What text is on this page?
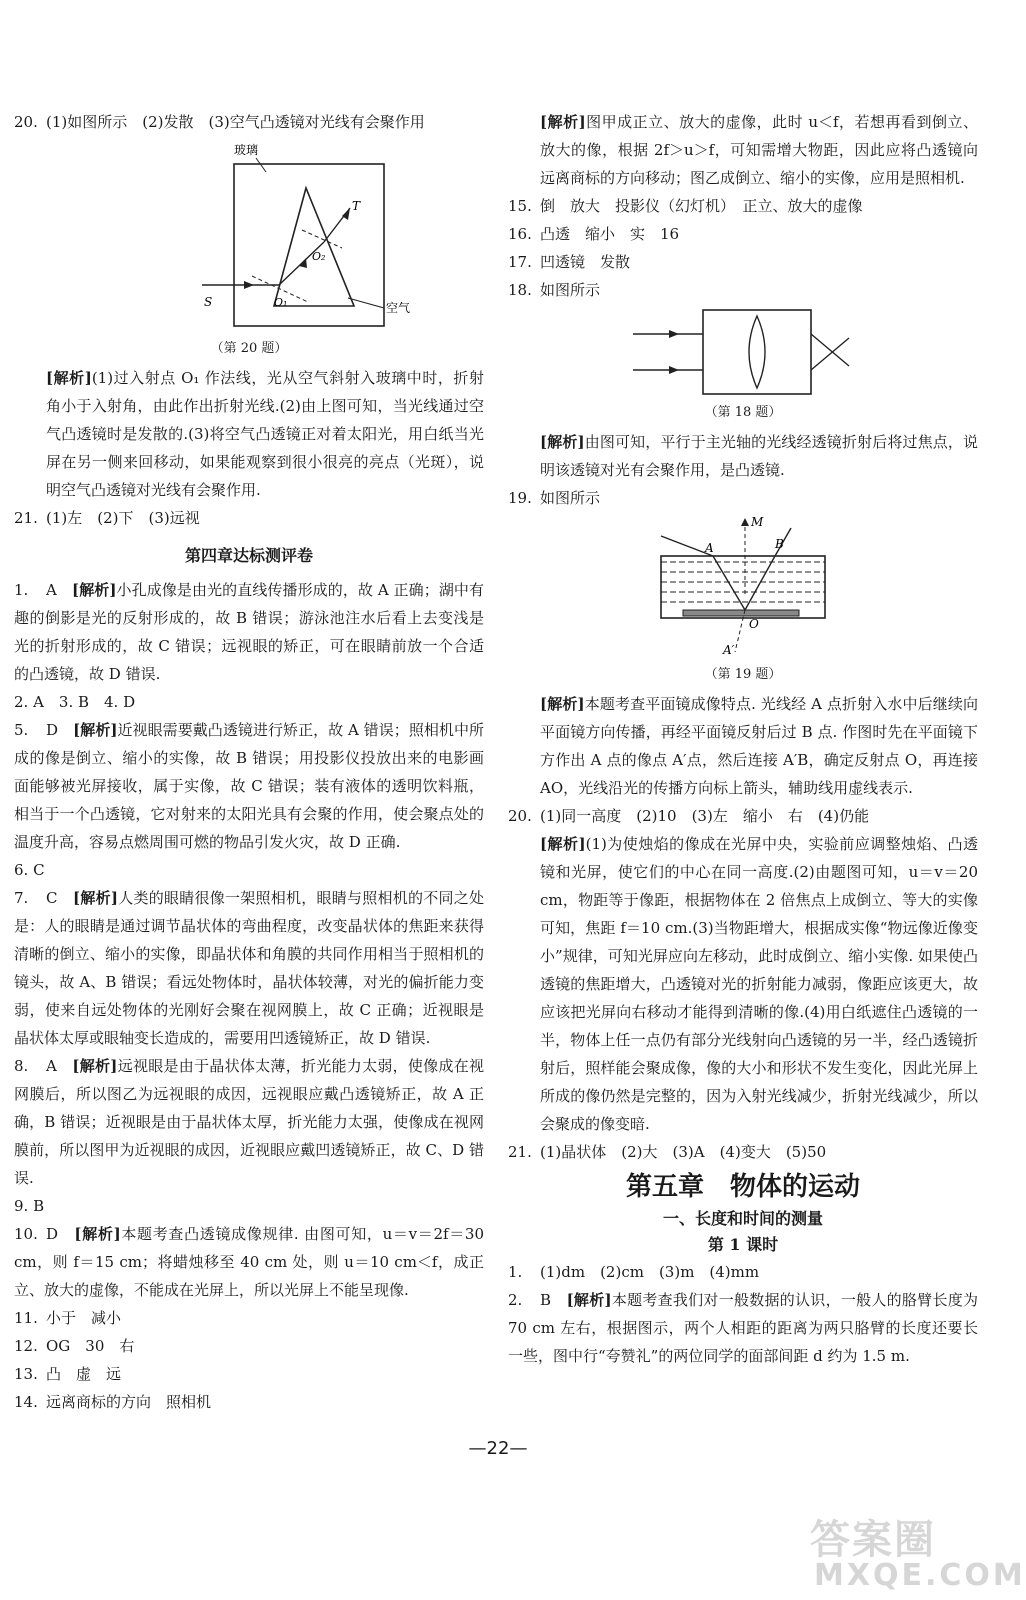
20. (1)如图所示　(2)发散　(3)空气凸透镜对光线有会聚作用

玻璃
T
O₂
S	O₁	空气
（第 20 题）

[解析](1)过入射点 O₁ 作法线，光从空气斜射入玻璃中时，折射角小于入射角，由此作出折射光线.(2)由上图可知，当光线通过空气凸透镜时是发散的.(3)将空气凸透镜正对着太阳光，用白纸当光屏在另一侧来回移动，如果能观察到很小很亮的亮点（光斑），说明空气凸透镜对光线有会聚作用.

21. (1)左　(2)下　(3)远视

第四章达标测评卷

1. A　[解析]小孔成像是由光的直线传播形成的，故 A 正确；湖中有趣的倒影是光的反射形成的，故 B 错误；游泳池注水后看上去变浅是光的折射形成的，故 C 错误；远视眼的矫正，可在眼睛前放一个合适的凸透镜，故 D 错误.

2. A　3. B　4. D

5. D　[解析]近视眼需要戴凸透镜进行矫正，故 A 错误；照相机中所成的像是倒立、缩小的实像，故 B 错误；用投影仪投放出来的电影画面能够被光屏接收，属于实像，故 C 错误；装有液体的透明饮料瓶，相当于一个凸透镜，它对射来的太阳光具有会聚的作用，使会聚点处的温度升高，容易点燃周围可燃的物品引发火灾，故 D 正确.

6. C

7. C　[解析]人类的眼睛很像一架照相机，眼睛与照相机的不同之处是：人的眼睛是通过调节晶状体的弯曲程度，改变晶状体的焦距来获得清晰的倒立、缩小的实像，即晶状体和角膜的共同作用相当于照相机的镜头，故 A、B 错误；看远处物体时，晶状体较薄，对光的偏折能力变弱，使来自远处物体的光刚好会聚在视网膜上，故 C 正确；近视眼是晶状体太厚或眼轴变长造成的，需要用凹透镜矫正，故 D 错误.

8. A　[解析]远视眼是由于晶状体太薄，折光能力太弱，使像成在视网膜后，所以图乙为远视眼的成因，远视眼应戴凸透镜矫正，故 A 正确，B 错误；近视眼是由于晶状体太厚，折光能力太强，使像成在视网膜前，所以图甲为近视眼的成因，近视眼应戴凹透镜矫正，故 C、D 错误.

9. B

10. D　[解析]本题考查凸透镜成像规律. 由图可知，u＝v＝2f＝30 cm，则 f＝15 cm；将蜡烛移至 40 cm 处，则 u＝10 cm＜f，成正立、放大的虚像，不能成在光屏上，所以光屏上不能呈现像.

11. 小于　减小

12. OG　30　右

13. 凸　虚　远

14. 远离商标的方向　照相机

[解析]图甲成正立、放大的虚像，此时 u＜f，若想再看到倒立、放大的像，根据 2f＞u＞f，可知需增大物距，因此应将凸透镜向远离商标的方向移动；图乙成倒立、缩小的实像，应用是照相机.

15. 倒　放大　投影仪（幻灯机）　正立、放大的虚像

16. 凸透　缩小　实　16

17. 凹透镜　发散

18. 如图所示

（第 18 题）

[解析]由图可知，平行于主光轴的光线经透镜折射后将过焦点，说明该透镜对光有会聚作用，是凸透镜.

19. 如图所示

M
A	B
O
A′
（第 19 题）

[解析]本题考查平面镜成像特点. 光线经 A 点折射入水中后继续向平面镜方向传播，再经平面镜反射后过 B 点. 作图时先在平面镜下方作出 A 点的像点 A′点，然后连接 A′B，确定反射点 O，再连接 AO，光线沿光的传播方向标上箭头，辅助线用虚线表示.

20. (1)同一高度　(2)10　(3)左　缩小　右　(4)仍能

[解析](1)为使烛焰的像成在光屏中央，实验前应调整烛焰、凸透镜和光屏，使它们的中心在同一高度.(2)由题图可知，u＝v＝20 cm，物距等于像距，根据物体在 2 倍焦点上成倒立、等大的实像可知，焦距 f＝10 cm.(3)当物距增大，根据成实像“物远像近像变小”规律，可知光屏应向左移动，此时成倒立、缩小实像. 如果使凸透镜的焦距增大，凸透镜对光的折射能力减弱，像距应该更大，故应该把光屏向右移动才能得到清晰的像.(4)用白纸遮住凸透镜的一半，物体上任一点仍有部分光线射向凸透镜的另一半，经凸透镜折射后，照样能会聚成像，像的大小和形状不发生变化，因此光屏上所成的像仍然是完整的，因为入射光线减少，折射光线减少，所以会聚成的像变暗.

21. (1)晶状体　(2)大　(3)A　(4)变大　(5)50

第五章　物体的运动
一、长度和时间的测量
第 1 课时

1. (1)dm　(2)cm　(3)m　(4)mm

2. B　[解析]本题考查我们对一般数据的认识，一般人的胳臂长度为 70 cm 左右，根据图示，两个人相距的距离为两只胳臂的长度还要长一些，图中行“夸赞礼”的两位同学的面部间距 d 约为 1.5 m.

—22—
答案圈
MXQE.COM
